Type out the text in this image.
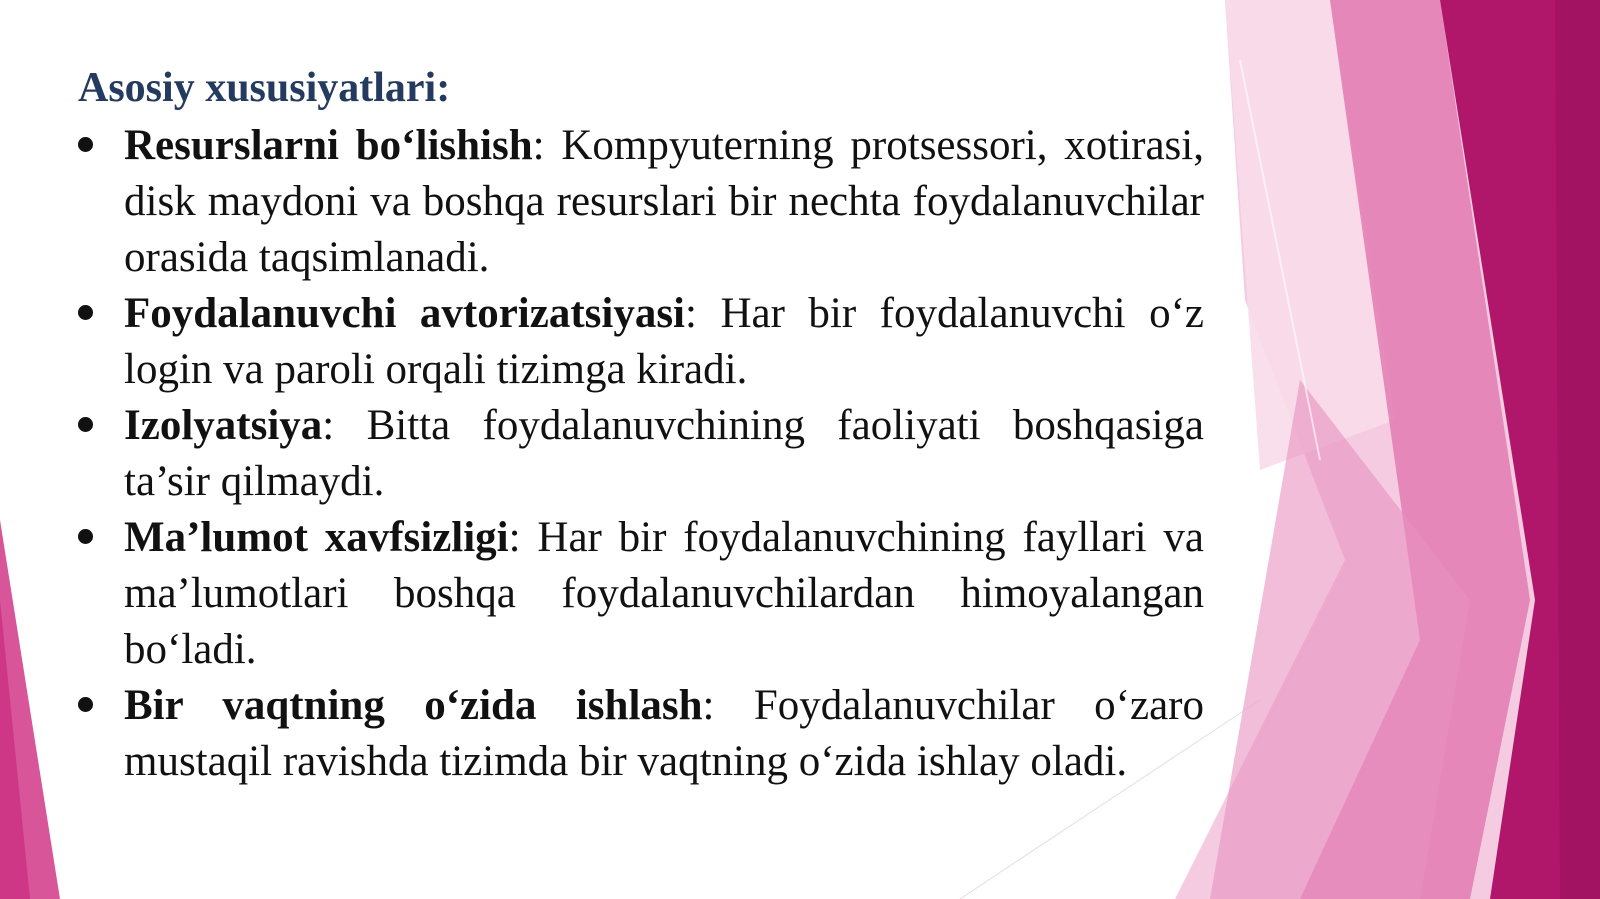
Asosiy xususiyatlari:
Resurslarni bo‘lishish: Kompyuterning protsessori, xotirasi, disk maydoni va boshqa resurslari bir nechta foydalanuvchilar orasida taqsimlanadi.
Foydalanuvchi avtorizatsiyasi: Har bir foydalanuvchi o‘z login va paroli orqali tizimga kiradi.
Izolyatsiya: Bitta foydalanuvchining faoliyati boshqasiga ta’sir qilmaydi.
Ma’lumot xavfsizligi: Har bir foydalanuvchining fayllari va ma’lumotlari boshqa foydalanuvchilardan himoyalangan bo‘ladi.
Bir vaqtning o‘zida ishlash: Foydalanuvchilar o‘zaro mustaqil ravishda tizimda bir vaqtning o‘zida ishlay oladi.
